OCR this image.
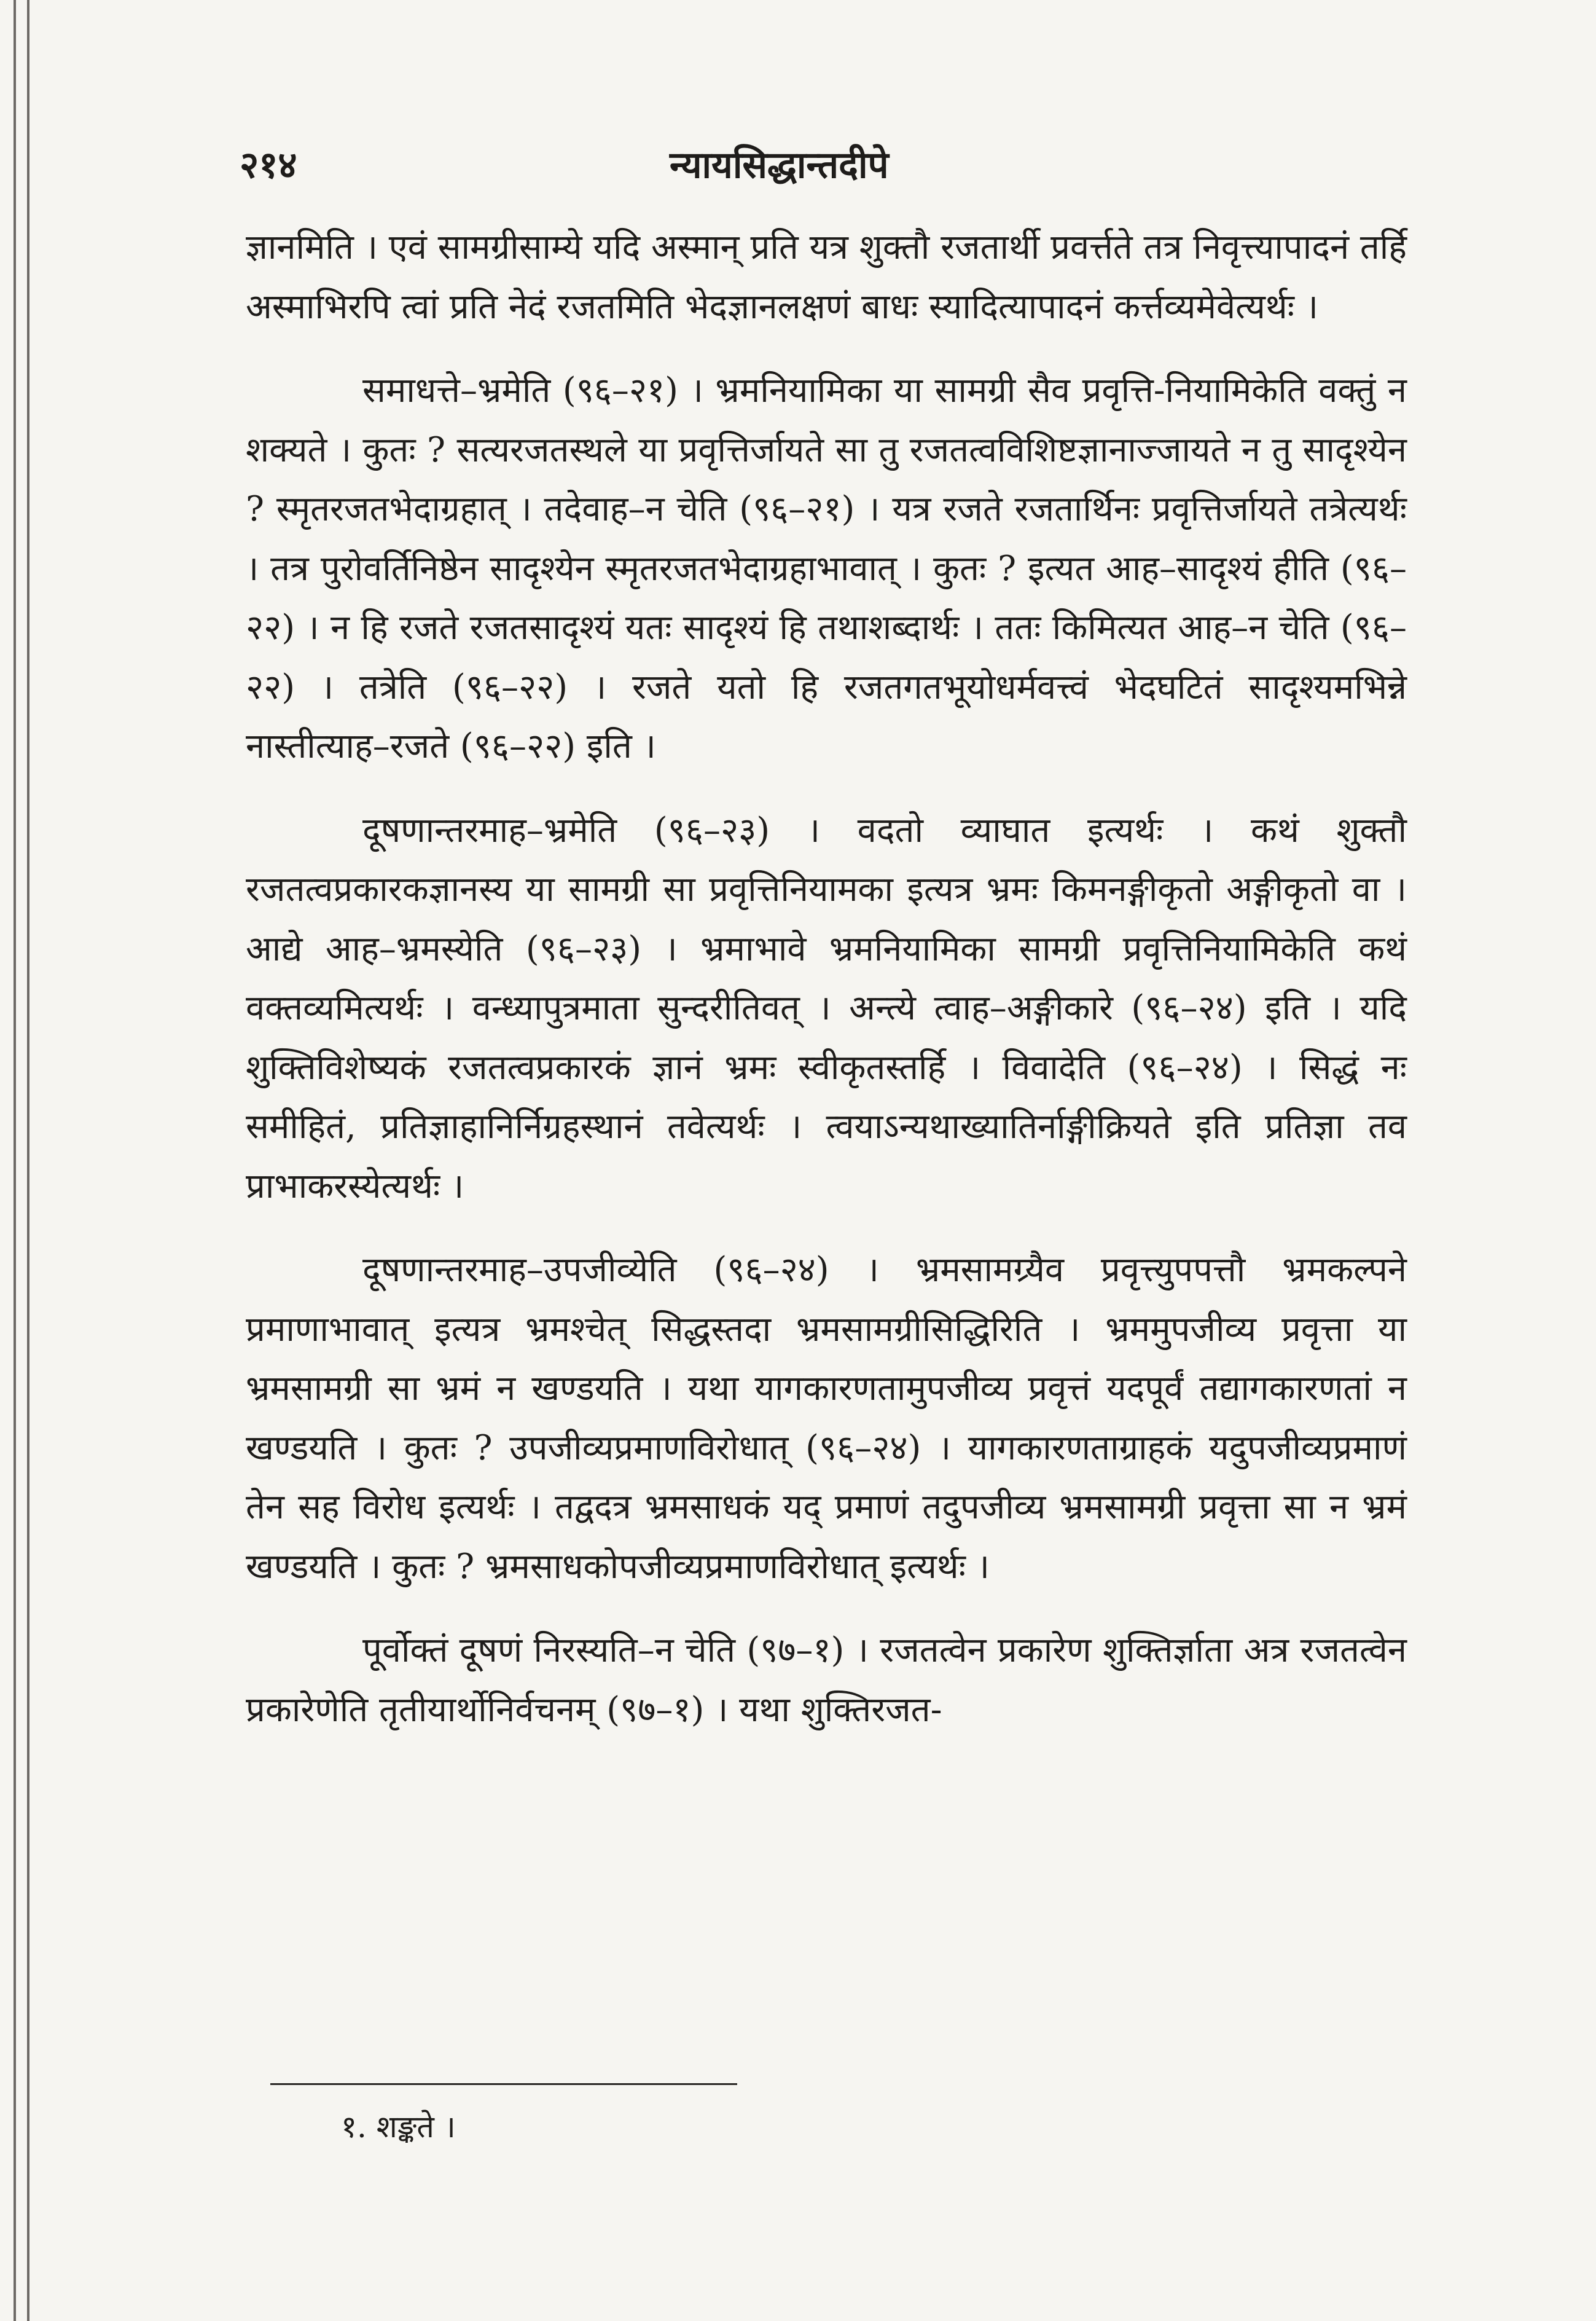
२१४	न्यायसिद्धान्तदीपे

ज्ञानमिति । एवं सामग्रीसाम्ये यदि अस्मान् प्रति यत्र शुक्तौ रजतार्थी प्रवर्त्तते तत्र निवृत्त्यापादनं तर्हि अस्माभिरपि त्वां प्रति नेदं रजतमिति भेदज्ञानलक्षणं बाधः स्यादित्यापादनं कर्त्तव्यमेवेत्यर्थः ।

समाधत्ते–भ्रमेति (९६–२१) । भ्रमनियामिका या सामग्री सैव प्रवृत्ति-नियामिकेति वक्तुं न शक्यते । कुतः ? सत्यरजतस्थले या प्रवृत्तिर्जायते सा तु रजतत्वविशिष्टज्ञानाज्जायते न तु सादृश्येन ? स्मृतरजतभेदाग्रहात् । तदेवाह–न चेति (९६–२१) । यत्र रजते रजतार्थिनः प्रवृत्तिर्जायते तत्रेत्यर्थः । तत्र पुरोवर्तिनिष्ठेन सादृश्येन स्मृतरजतभेदाग्रहाभावात् । कुतः ? इत्यत आह–सादृश्यं हीति (९६–२२) । न हि रजते रजतसादृश्यं यतः सादृश्यं हि तथाशब्दार्थः । ततः किमित्यत आह–न चेति (९६–२२) । तत्रेति (९६–२२) । रजते यतो हि रजतगतभूयोधर्मवत्त्वं भेदघटितं सादृश्यमभिन्ने नास्तीत्याह–रजते (९६–२२) इति ।

दूषणान्तरमाह–भ्रमेति (९६–२३) । वदतो व्याघात इत्यर्थः । कथं शुक्तौ रजतत्वप्रकारकज्ञानस्य या सामग्री सा प्रवृत्तिनियामका इत्यत्र भ्रमः किमनङ्गीकृतो अङ्गीकृतो वा । आद्ये आह–भ्रमस्येति (९६–२३) । भ्रमाभावे भ्रमनियामिका सामग्री प्रवृत्तिनियामिकेति कथं वक्तव्यमित्यर्थः । वन्ध्यापुत्रमाता सुन्दरीतिवत् । अन्त्ये त्वाह–अङ्गीकारे (९६–२४) इति । यदि शुक्तिविशेष्यकं रजतत्वप्रकारकं ज्ञानं भ्रमः स्वीकृतस्तर्हि । विवादेति (९६–२४) । सिद्धं नः समीहितं, प्रतिज्ञाहानिर्निग्रहस्थानं तवेत्यर्थः । त्वयाऽन्यथाख्यातिर्नाङ्गीक्रियते इति प्रतिज्ञा तव प्राभाकरस्येत्यर्थः ।

दूषणान्तरमाह–उपजीव्येति (९६–२४) । भ्रमसामग्र्यैव प्रवृत्त्युपपत्तौ भ्रमकल्पने प्रमाणाभावात् इत्यत्र भ्रमश्चेत् सिद्धस्तदा भ्रमसामग्रीसिद्धिरिति । भ्रममुपजीव्य प्रवृत्ता या भ्रमसामग्री सा भ्रमं न खण्डयति । यथा यागकारणतामुपजीव्य प्रवृत्तं यदपूर्वं तद्यागकारणतां न खण्डयति । कुतः ? उपजीव्यप्रमाणविरोधात् (९६–२४) । यागकारणताग्राहकं यदुपजीव्यप्रमाणं तेन सह विरोध इत्यर्थः । तद्वदत्र भ्रमसाधकं यद् प्रमाणं तदुपजीव्य भ्रमसामग्री प्रवृत्ता सा न भ्रमं खण्डयति । कुतः ? भ्रमसाधकोपजीव्यप्रमाणविरोधात् इत्यर्थः ।

पूर्वोक्तं दूषणं निरस्यति–न चेति (९७–१) । रजतत्वेन प्रकारेण शुक्तिर्ज्ञाता अत्र रजतत्वेन प्रकारेणेति तृतीयार्थोनिर्वचनम् (९७–१) । यथा शुक्तिरजत-

१. शङ्कते ।
